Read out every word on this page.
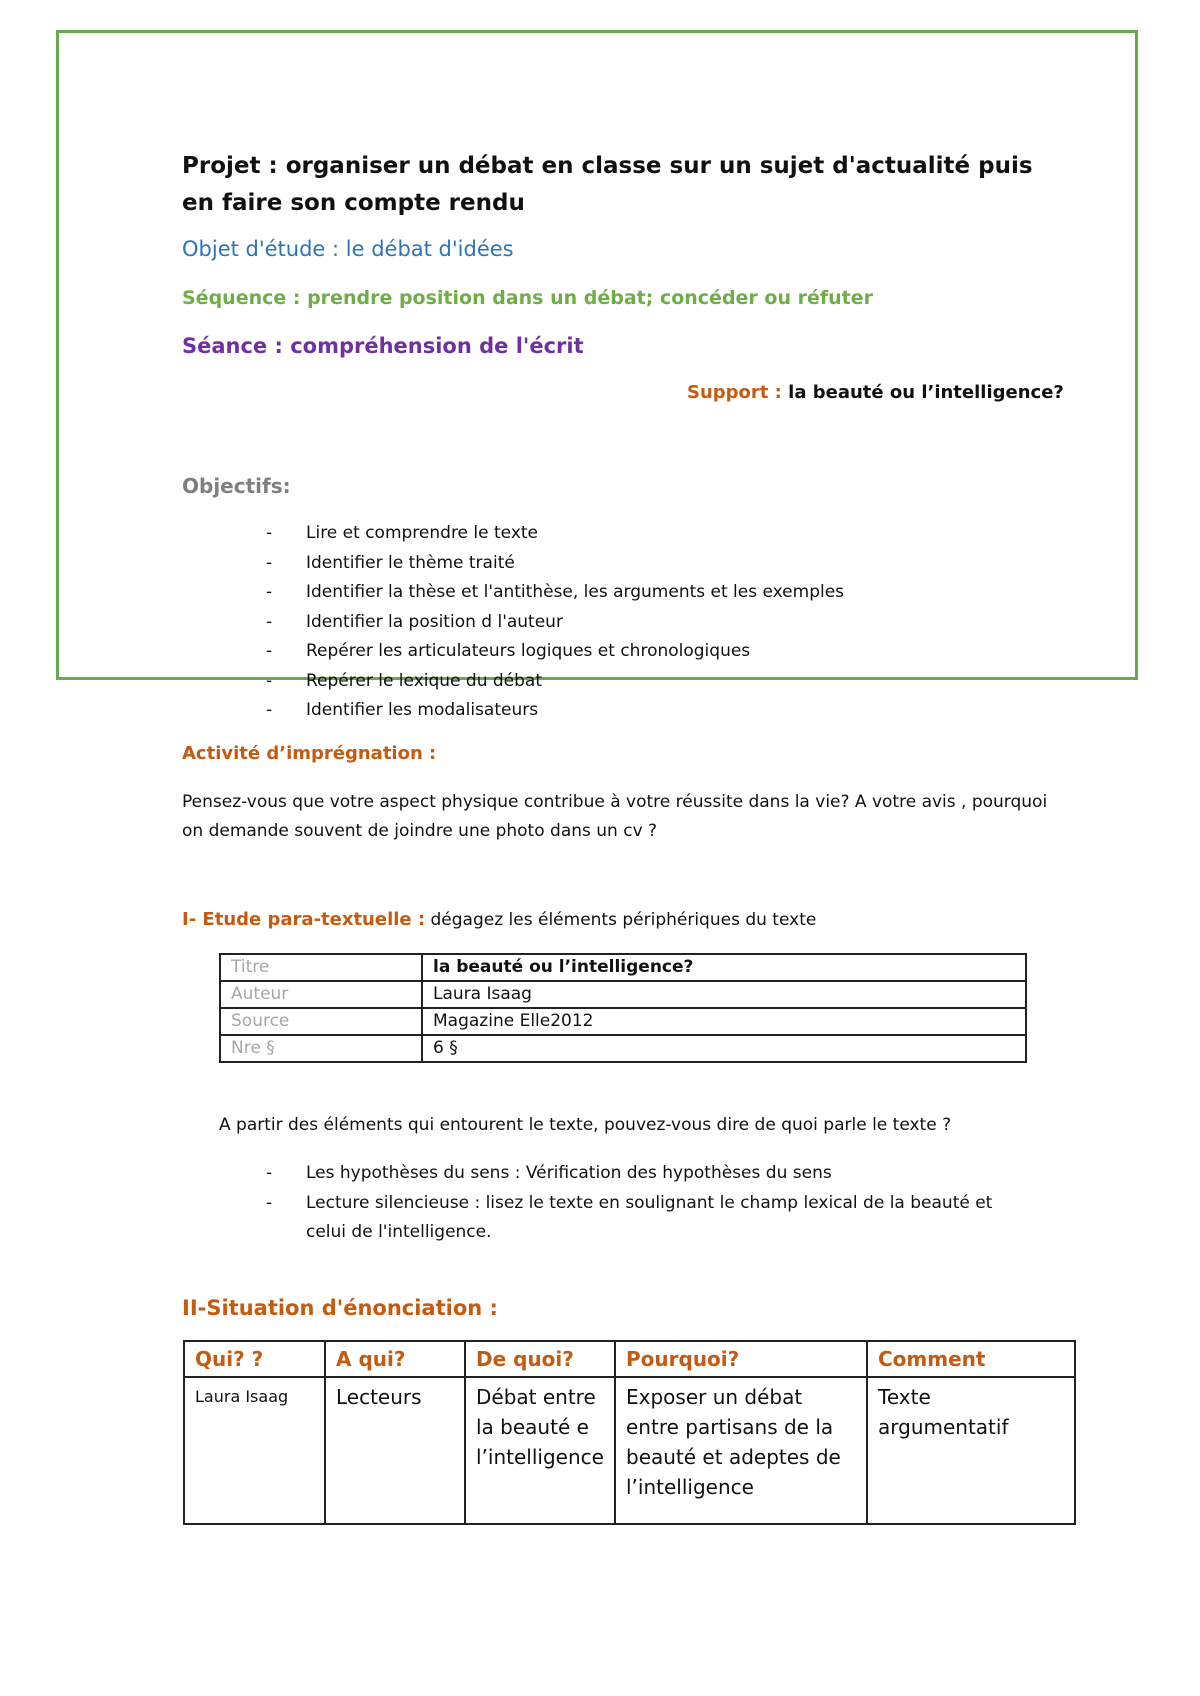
Projet : organiser un débat en classe sur un sujet d'actualité puis en faire son compte rendu
Objet d'étude : le débat d'idées
Séquence : prendre position dans un débat; concéder ou réfuter
Séance : compréhension de l'écrit
Support : la beauté ou l’intelligence?
Objectifs:
- Lire et comprendre le texte
- Identifier le thème traité
- Identifier la thèse et l'antithèse, les arguments et les exemples
- Identifier la position d l'auteur
- Repérer les articulateurs logiques et chronologiques
- Repérer le lexique du débat
- Identifier les modalisateurs
Activité d’imprégnation :
Pensez-vous que votre aspect physique contribue à votre réussite dans la vie? A votre avis , pourquoi on demande souvent de joindre une photo dans un cv ?
I- Etude para-textuelle : dégagez les éléments périphériques du texte
Titre	la beauté ou l’intelligence?
Auteur	Laura Isaag
Source	Magazine Elle2012
Nre §	6 §
A partir des éléments qui entourent le texte, pouvez-vous dire de quoi parle le texte ?
- Les hypothèses du sens : Vérification des hypothèses du sens
- Lecture silencieuse : lisez le texte en soulignant le champ lexical de la beauté et celui de l'intelligence.
II-Situation d'énonciation :
Qui? ?	A qui?	De quoi?	Pourquoi?	Comment
Laura Isaag	Lecteurs	Débat entre la beauté e l’intelligence	Exposer un débat entre partisans de la beauté et adeptes de l’intelligence	Texte argumentatif
